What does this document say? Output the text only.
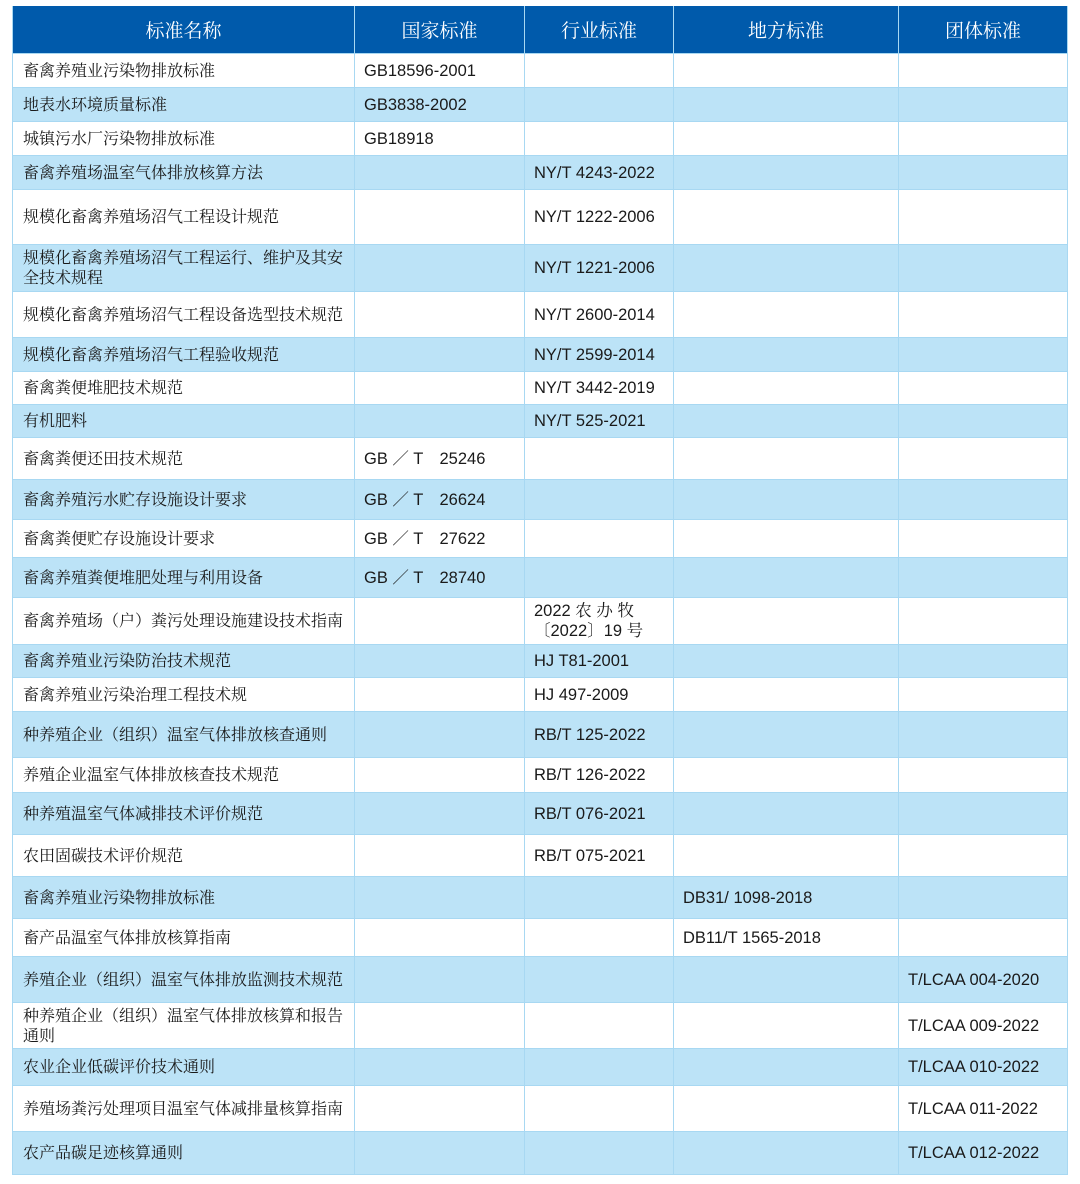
标准名称	国家标准	行业标准	地方标准	团体标准
畜禽养殖业污染物排放标准	GB18596-2001			
地表水环境质量标准	GB3838-2002			
城镇污水厂污染物排放标准	GB18918			
畜禽养殖场温室气体排放核算方法		NY/T 4243-2022		
规模化畜禽养殖场沼气工程设计规范		NY/T 1222-2006		
规模化畜禽养殖场沼气工程运行、维护及其安全技术规程		NY/T 1221-2006		
规模化畜禽养殖场沼气工程设备选型技术规范		NY/T 2600-2014		
规模化畜禽养殖场沼气工程验收规范		NY/T 2599-2014		
畜禽粪便堆肥技术规范		NY/T 3442-2019		
有机肥料		NY/T 525-2021		
畜禽粪便还田技术规范	GB ／ T　25246			
畜禽养殖污水贮存设施设计要求	GB ／ T　26624			
畜禽粪便贮存设施设计要求	GB ／ T　27622			
畜禽养殖粪便堆肥处理与利用设备	GB ／ T　28740			
畜禽养殖场（户）粪污处理设施建设技术指南		2022 农 办 牧〔2022〕19 号		
畜禽养殖业污染防治技术规范		HJ T81-2001		
畜禽养殖业污染治理工程技术规		HJ 497-2009		
种养殖企业（组织）温室气体排放核查通则		RB/T 125-2022		
养殖企业温室气体排放核查技术规范		RB/T 126-2022		
种养殖温室气体减排技术评价规范		RB/T 076-2021		
农田固碳技术评价规范		RB/T 075-2021		
畜禽养殖业污染物排放标准			DB31/ 1098-2018	
畜产品温室气体排放核算指南			DB11/T 1565-2018	
养殖企业（组织）温室气体排放监测技术规范				T/LCAA 004-2020
种养殖企业（组织）温室气体排放核算和报告通则				T/LCAA 009-2022
农业企业低碳评价技术通则				T/LCAA 010-2022
养殖场粪污处理项目温室气体减排量核算指南				T/LCAA 011-2022
农产品碳足迹核算通则				T/LCAA 012-2022
